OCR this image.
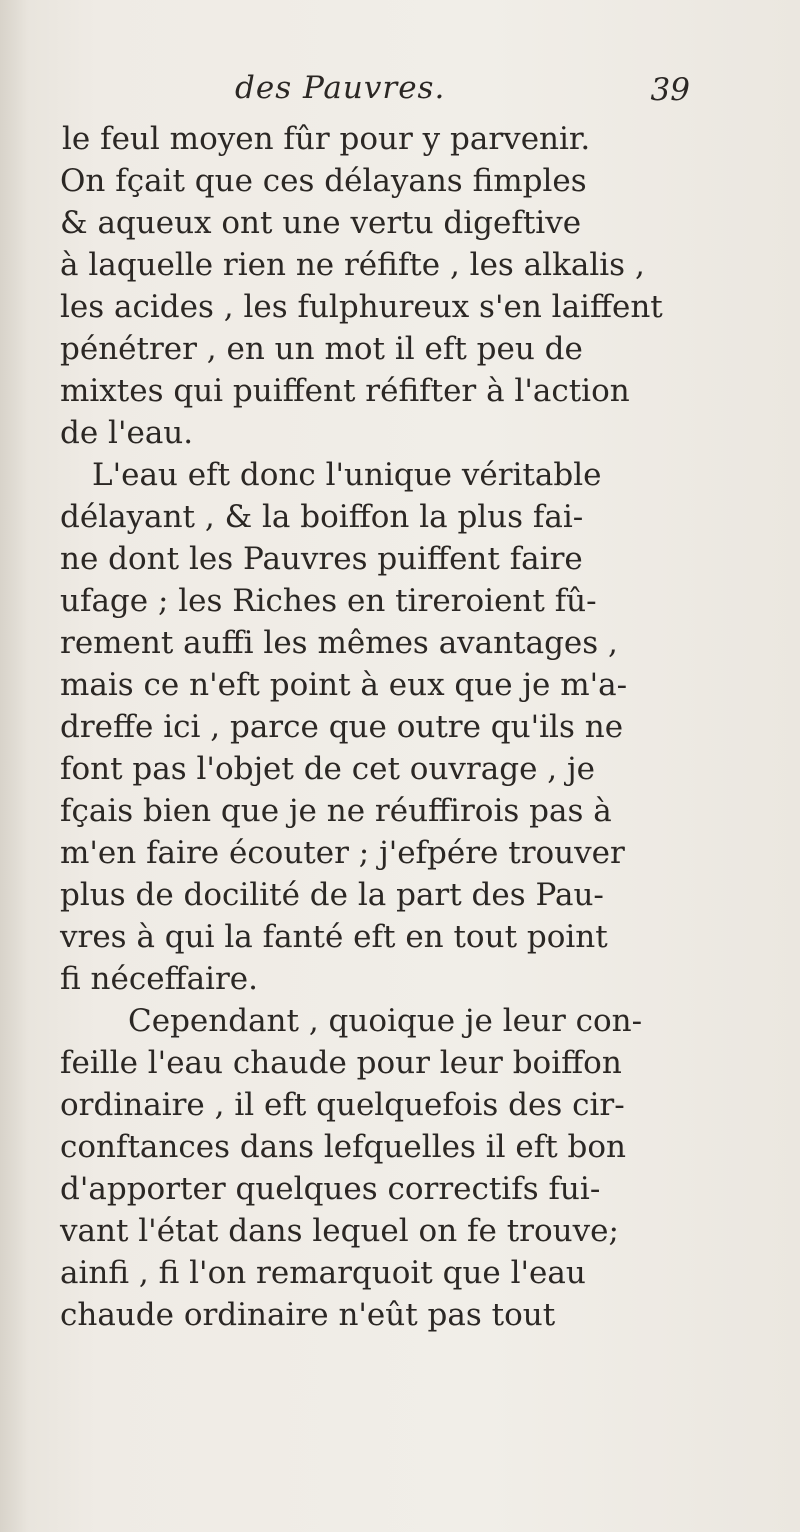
des Pauvres.	39
le feul moyen fûr pour y parvenir.
On fçait que ces délayans fimples
& aqueux ont une vertu digeftive
à laquelle rien ne réfifte , les alkalis ,
les acides , les fulphureux s'en laiffent
pénétrer , en un mot il eft peu de
mixtes qui puiffent réfifter à l'action
de l'eau.
L'eau eft donc l'unique véritable
délayant , & la boiffon la plus fai-
ne dont les Pauvres puiffent faire
ufage ; les Riches en tireroient fû-
rement auffi les mêmes avantages ,
mais ce n'eft point à eux que je m'a-
dreffe ici , parce que outre qu'ils ne
font pas l'objet de cet ouvrage , je
fçais bien que je ne réuffirois pas à
m'en faire écouter ; j'efpére trouver
plus de docilité de la part des Pau-
vres à qui la fanté eft en tout point
fi néceffaire.
Cependant , quoique je leur con-
feille l'eau chaude pour leur boiffon
ordinaire , il eft quelquefois des cir-
conftances dans lefquelles il eft bon
d'apporter quelques correctifs fui-
vant l'état dans lequel on fe trouve;
ainfi , fi l'on remarquoit que l'eau
chaude ordinaire n'eût pas tout
